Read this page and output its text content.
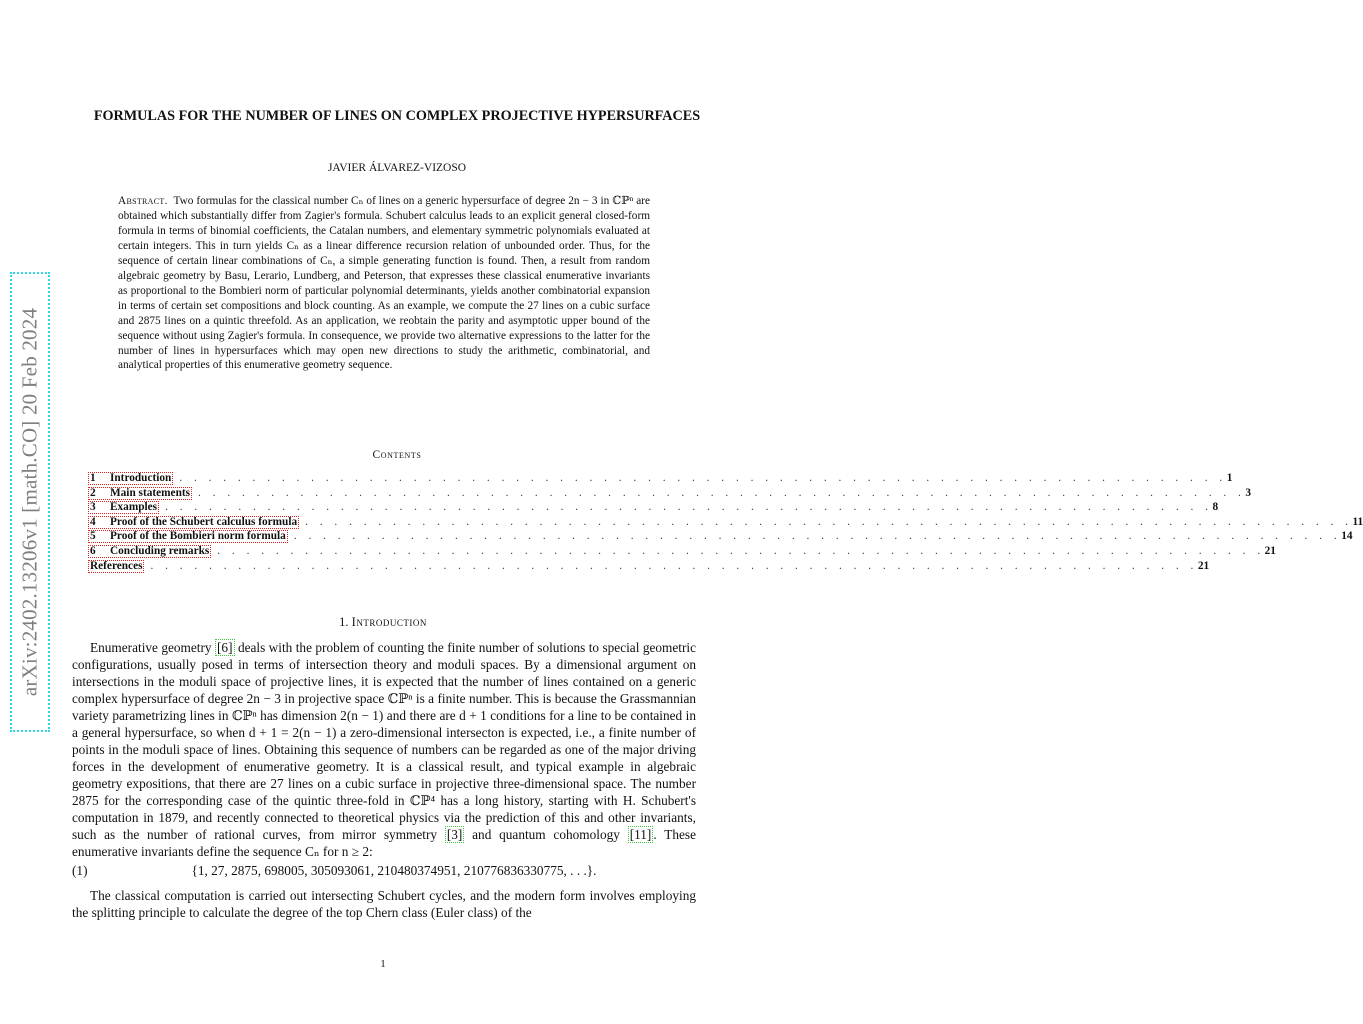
arXiv:2402.13206v1 [math.CO] 20 Feb 2024
FORMULAS FOR THE NUMBER OF LINES ON COMPLEX PROJECTIVE HYPERSURFACES
JAVIER ÁLVAREZ-VIZOSO
Abstract. Two formulas for the classical number Cₙ of lines on a generic hypersurface of degree 2n − 3 in ℂℙⁿ are obtained which substantially differ from Zagier's formula. Schubert calculus leads to an explicit general closed-form formula in terms of binomial coefficients, the Catalan numbers, and elementary symmetric polynomials evaluated at certain integers. This in turn yields Cₙ as a linear difference recursion relation of unbounded order. Thus, for the sequence of certain linear combinations of Cₙ, a simple generating function is found. Then, a result from random algebraic geometry by Basu, Lerario, Lundberg, and Peterson, that expresses these classical enumerative invariants as proportional to the Bombieri norm of particular polynomial determinants, yields another combinatorial expansion in terms of certain set compositions and block counting. As an example, we compute the 27 lines on a cubic surface and 2875 lines on a quintic threefold. As an application, we reobtain the parity and asymptotic upper bound of the sequence without using Zagier's formula. In consequence, we provide two alternative expressions to the latter for the number of lines in hypersurfaces which may open new directions to study the arithmetic, combinatorial, and analytical properties of this enumerative geometry sequence.
Contents
1 Introduction . . . . . . . . . . . . . . . . . . . . . . . . . . . . . . . . . . . . . . . . . . . . . . . . . . . . . . . . . . . . . . . . . . . . . . . . 1
2 Main statements . . . . . . . . . . . . . . . . . . . . . . . . . . . . . . . . . . . . . . . . . . . . . . . . . . . . . . . . . . . . . . . . . . . . . . . . 3
3 Examples . . . . . . . . . . . . . . . . . . . . . . . . . . . . . . . . . . . . . . . . . . . . . . . . . . . . . . . . . . . . . . . . . . . . . . . . 8
4 Proof of the Schubert calculus formula . . . . . . . . . . . . . . . . . . . . . . . . . . . . . . . . . . . . . . . . . . . . . . . . . . . . . . . . . . . . . . . . . . . . . . . . 11
5 Proof of the Bombieri norm formula . . . . . . . . . . . . . . . . . . . . . . . . . . . . . . . . . . . . . . . . . . . . . . . . . . . . . . . . . . . . . . . . . . . . . . . . 14
6 Concluding remarks . . . . . . . . . . . . . . . . . . . . . . . . . . . . . . . . . . . . . . . . . . . . . . . . . . . . . . . . . . . . . . . . . . . . . . . . 21
References . . . . . . . . . . . . . . . . . . . . . . . . . . . . . . . . . . . . . . . . . . . . . . . . . . . . . . . . . . . . . . . . . . . . . . . . 21
1. Introduction

Enumerative geometry [6] deals with the problem of counting the finite number of solutions to special geometric configurations, usually posed in terms of intersection theory and moduli spaces. By a dimensional argument on intersections in the moduli space of projective lines, it is expected that the number of lines contained on a generic complex hypersurface of degree 2n − 3 in projective space ℂℙⁿ is a finite number. This is because the Grassmannian variety parametrizing lines in ℂℙⁿ has dimension 2(n − 1) and there are d + 1 conditions for a line to be contained in a general hypersurface, so when d + 1 = 2(n − 1) a zero-dimensional intersecton is expected, i.e., a finite number of points in the moduli space of lines. Obtaining this sequence of numbers can be regarded as one of the major driving forces in the development of enumerative geometry. It is a classical result, and typical example in algebraic geometry expositions, that there are 27 lines on a cubic surface in projective three-dimensional space. The number 2875 for the corresponding case of the quintic three-fold in ℂℙ⁴ has a long history, starting with H. Schubert's computation in 1879, and recently connected to theoretical physics via the prediction of this and other invariants, such as the number of rational curves, from mirror symmetry [3] and quantum cohomology [11] . These enumerative invariants define the sequence Cₙ for n ≥ 2:

(1)	{1, 27, 2875, 698005, 305093061, 210480374951, 210776836330775, . . .}.

The classical computation is carried out intersecting Schubert cycles, and the modern form involves employing the splitting principle to calculate the degree of the top Chern class (Euler class) of the

1
